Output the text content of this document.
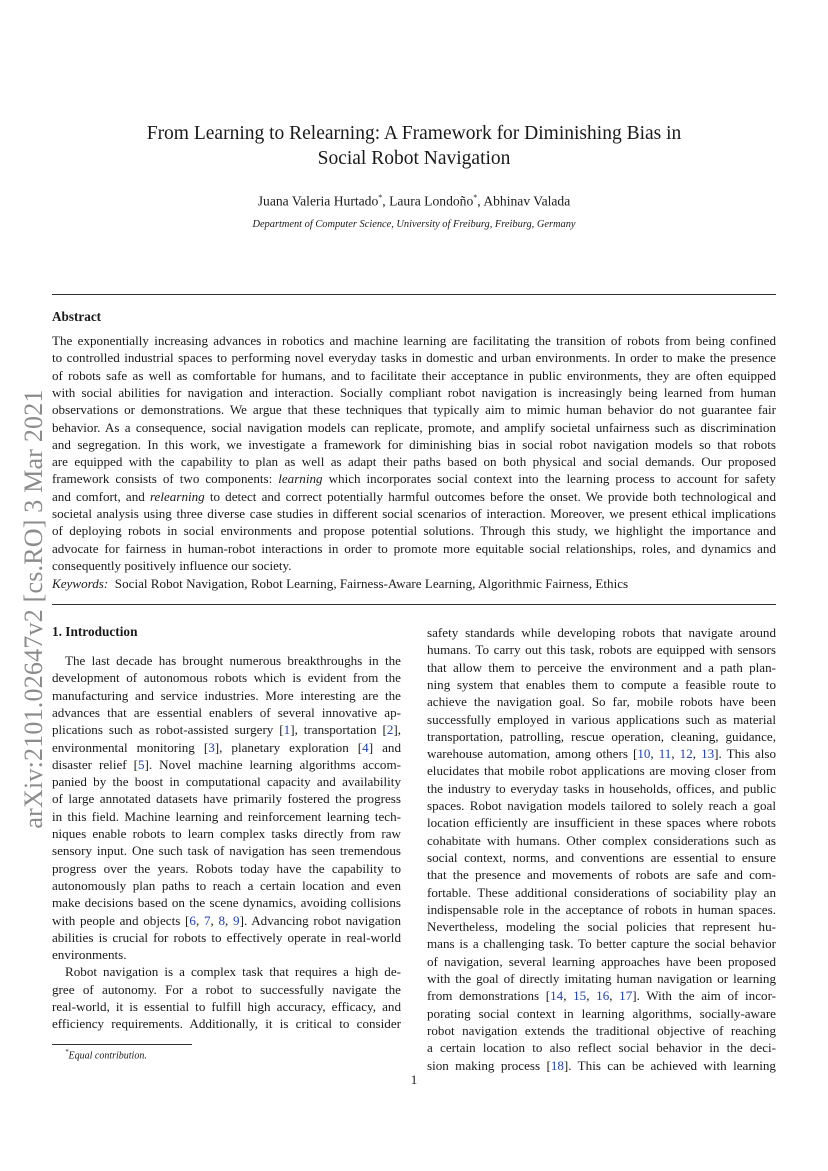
arXiv:2101.02647v2 [cs.RO] 3 Mar 2021
From Learning to Relearning: A Framework for Diminishing Bias in
Social Robot Navigation
Juana Valeria Hurtado*, Laura Londoño*, Abhinav Valada
Department of Computer Science, University of Freiburg, Freiburg, Germany
Abstract
The exponentially increasing advances in robotics and machine learning are facilitating the transition of robots from being confined
to controlled industrial spaces to performing novel everyday tasks in domestic and urban environments. In order to make the presence
of robots safe as well as comfortable for humans, and to facilitate their acceptance in public environments, they are often equipped
with social abilities for navigation and interaction. Socially compliant robot navigation is increasingly being learned from human
observations or demonstrations. We argue that these techniques that typically aim to mimic human behavior do not guarantee fair
behavior. As a consequence, social navigation models can replicate, promote, and amplify societal unfairness such as discrimination
and segregation. In this work, we investigate a framework for diminishing bias in social robot navigation models so that robots
are equipped with the capability to plan as well as adapt their paths based on both physical and social demands. Our proposed
framework consists of two components: learning which incorporates social context into the learning process to account for safety
and comfort, and relearning to detect and correct potentially harmful outcomes before the onset. We provide both technological and
societal analysis using three diverse case studies in different social scenarios of interaction. Moreover, we present ethical implications
of deploying robots in social environments and propose potential solutions. Through this study, we highlight the importance and
advocate for fairness in human-robot interactions in order to promote more equitable social relationships, roles, and dynamics and
consequently positively influence our society.
Keywords: Social Robot Navigation, Robot Learning, Fairness-Aware Learning, Algorithmic Fairness, Ethics
1. Introduction
The last decade has brought numerous breakthroughs in the
development of autonomous robots which is evident from the
manufacturing and service industries. More interesting are the
advances that are essential enablers of several innovative ap-
plications such as robot-assisted surgery [1], transportation [2],
environmental monitoring [3], planetary exploration [4] and
disaster relief [5]. Novel machine learning algorithms accom-
panied by the boost in computational capacity and availability
of large annotated datasets have primarily fostered the progress
in this field. Machine learning and reinforcement learning tech-
niques enable robots to learn complex tasks directly from raw
sensory input. One such task of navigation has seen tremendous
progress over the years. Robots today have the capability to
autonomously plan paths to reach a certain location and even
make decisions based on the scene dynamics, avoiding collisions
with people and objects [6, 7, 8, 9]. Advancing robot navigation
abilities is crucial for robots to effectively operate in real-world
environments.
Robot navigation is a complex task that requires a high de-
gree of autonomy. For a robot to successfully navigate the
real-world, it is essential to fulfill high accuracy, efficacy, and
efficiency requirements. Additionally, it is critical to consider
safety standards while developing robots that navigate around
humans. To carry out this task, robots are equipped with sensors
that allow them to perceive the environment and a path plan-
ning system that enables them to compute a feasible route to
achieve the navigation goal. So far, mobile robots have been
successfully employed in various applications such as material
transportation, patrolling, rescue operation, cleaning, guidance,
warehouse automation, among others [10, 11, 12, 13]. This also
elucidates that mobile robot applications are moving closer from
the industry to everyday tasks in households, offices, and public
spaces. Robot navigation models tailored to solely reach a goal
location efficiently are insufficient in these spaces where robots
cohabitate with humans. Other complex considerations such as
social context, norms, and conventions are essential to ensure
that the presence and movements of robots are safe and com-
fortable. These additional considerations of sociability play an
indispensable role in the acceptance of robots in human spaces.
Nevertheless, modeling the social policies that represent hu-
mans is a challenging task. To better capture the social behavior
of navigation, several learning approaches have been proposed
with the goal of directly imitating human navigation or learning
from demonstrations [14, 15, 16, 17]. With the aim of incor-
porating social context in learning algorithms, socially-aware
robot navigation extends the traditional objective of reaching
a certain location to also reflect social behavior in the deci-
sion making process [18]. This can be achieved with learning
*Equal contribution.
1
